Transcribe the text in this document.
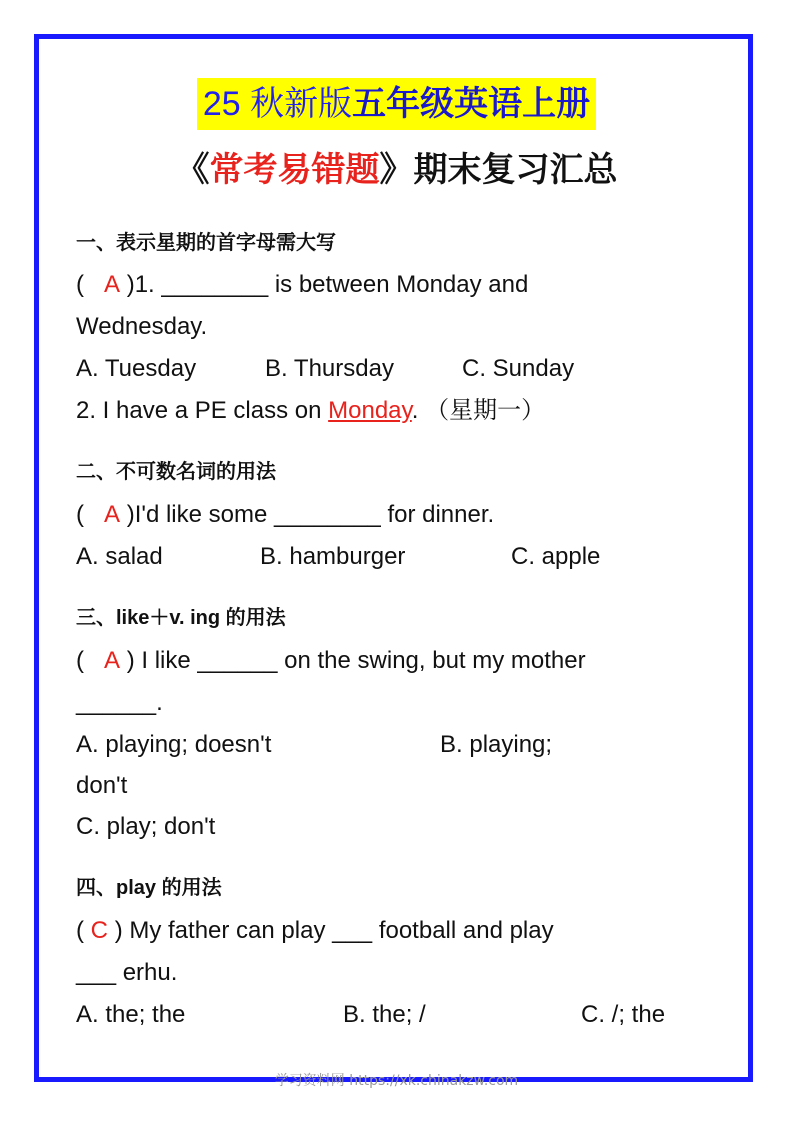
25 秋新版五年级英语上册
《常考易错题》期末复习汇总
一、表示星期的首字母需大写
( A )1. ________ is between Monday and
Wednesday.
A. Tuesday	B. Thursday	C. Sunday
2. I have a PE class on Monday. （星期一）
二、不可数名词的用法
( A )I'd like some ________ for dinner.
A. salad	B. hamburger	C. apple
三、like＋v. ing 的用法
( A ) I like ______ on the swing, but my mother
______.
A. playing; doesn't	B. playing;
don't
C. play; don't
四、play 的用法
( C ) My father can play ___ football and play
___ erhu.
A. the; the	B. the; /	C. /; the
学习资料网 https://xk.chinakzw.com
